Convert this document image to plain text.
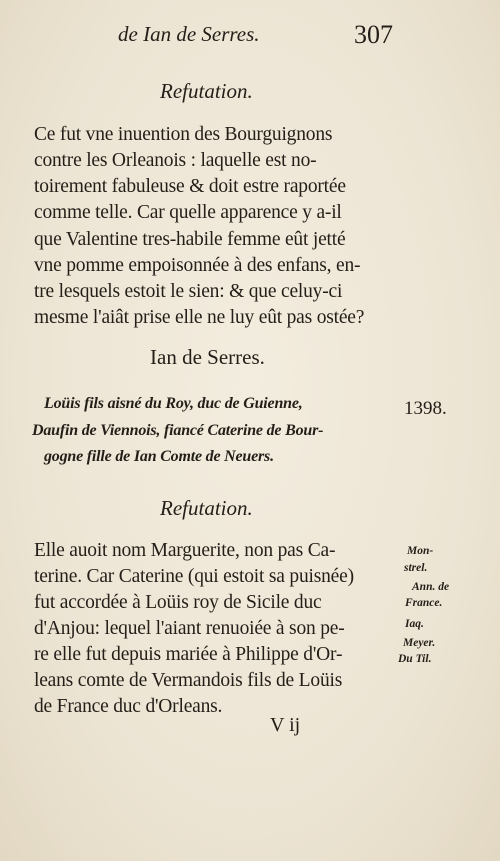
de Ian de Serres.	307
Refutation.
Ce fut vne inuention des Bourguignons
contre les Orleanois : laquelle est no-
toirement fabuleuse & doit estre raportée
comme telle. Car quelle apparence y a-il
que Valentine tres-habile femme eût jetté
vne pomme empoisonnée à des enfans, en-
tre lesquels estoit le sien: & que celuy-ci
mesme l'aiât prise elle ne luy eût pas ostée?
Ian de Serres.
Loüis fils aisné du Roy, duc de Guienne,	1398.
Daufin de Viennois, fiancé Caterine de Bour-
gogne fille de Ian Comte de Neuers.
Refutation.
Elle auoit nom Marguerite, non pas Ca-
terine. Car Caterine (qui estoit sa puisnée)
fut accordée à Loüis roy de Sicile duc
d'Anjou: lequel l'aiant renuoiée à son pe-
re elle fut depuis mariée à Philippe d'Or-
leans comte de Vermandois fils de Loüis
de France duc d'Orleans.
Mon-
strel.
Ann. de
France.
Iaq.
Meyer.
Du Til.
V ij
